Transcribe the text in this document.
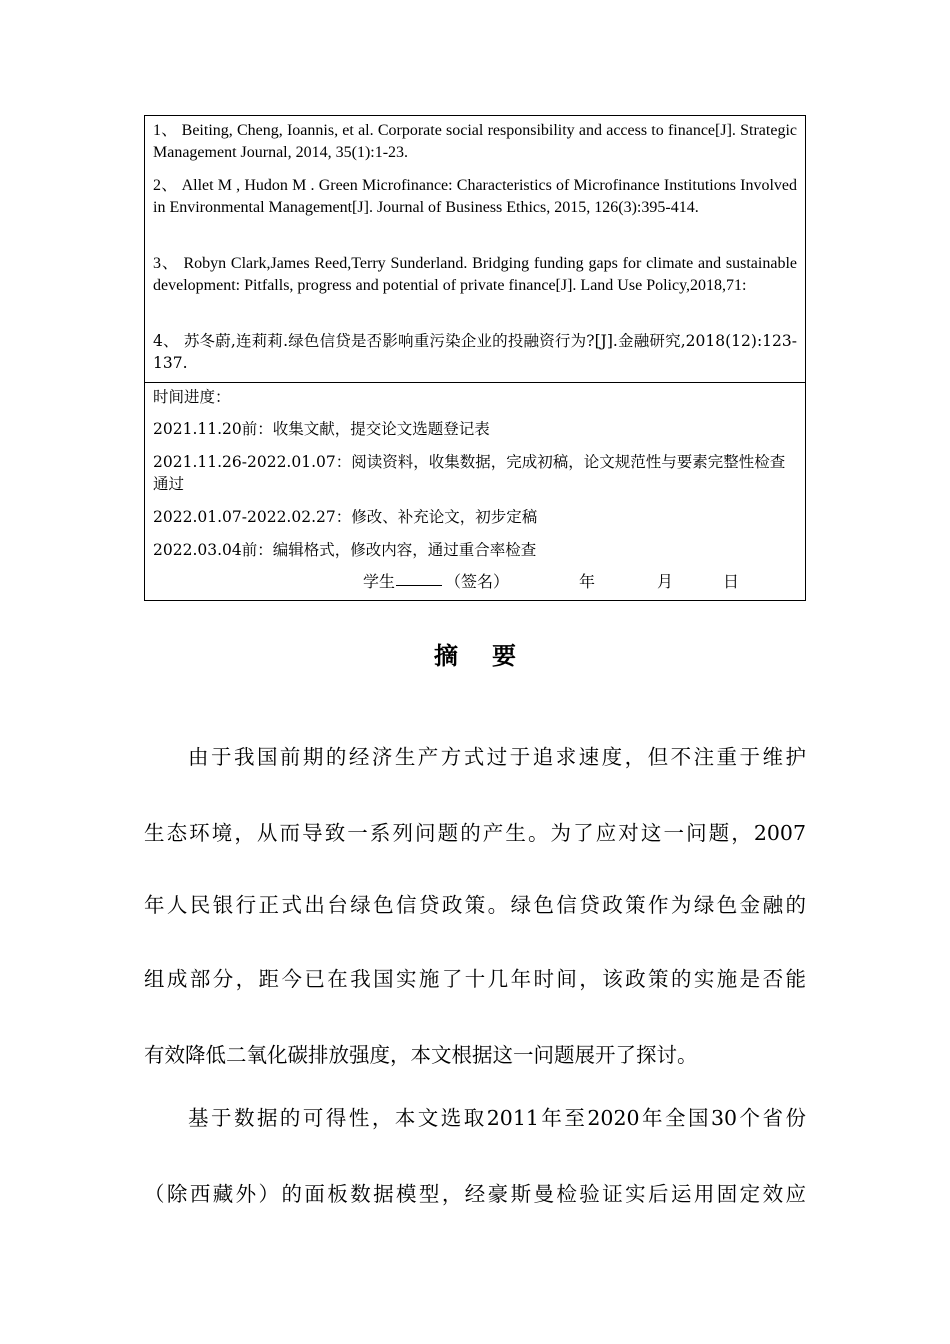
1、 Beiting, Cheng, Ioannis, et al. Corporate social responsibility and access to finance[J]. Strategic Management Journal, 2014, 35(1):1-23.
2、 Allet M , Hudon M . Green Microfinance: Characteristics of Microfinance Institutions Involved in Environmental Management[J]. Journal of Business Ethics, 2015, 126(3):395-414.
3、 Robyn Clark,James Reed,Terry Sunderland. Bridging funding gaps for climate and sustainable development: Pitfalls, progress and potential of private finance[J]. Land Use Policy,2018,71:
4、 苏冬蔚,连莉莉.绿色信贷是否影响重污染企业的投融资行为?[J].金融研究,2018(12):123-137.
时间进度：
2021.11.20前：收集文献，提交论文选题登记表
2021.11.26-2022.01.07：阅读资料，收集数据，完成初稿，论文规范性与要素完整性检查通过
2022.01.07-2022.02.27：修改、补充论文，初步定稿
2022.03.04前：编辑格式，修改内容，通过重合率检查
学生	（签名）	年	月	日
摘要
由于我国前期的经济生产方式过于追求速度，但不注重于维护
生态环境，从而导致一系列问题的产生。为了应对这一问题，2007
年人民银行正式出台绿色信贷政策。绿色信贷政策作为绿色金融的
组成部分，距今已在我国实施了十几年时间，该政策的实施是否能
有效降低二氧化碳排放强度，本文根据这一问题展开了探讨。
基于数据的可得性，本文选取2011年至2020年全国30个省份
（除西藏外）的面板数据模型，经豪斯曼检验证实后运用固定效应
